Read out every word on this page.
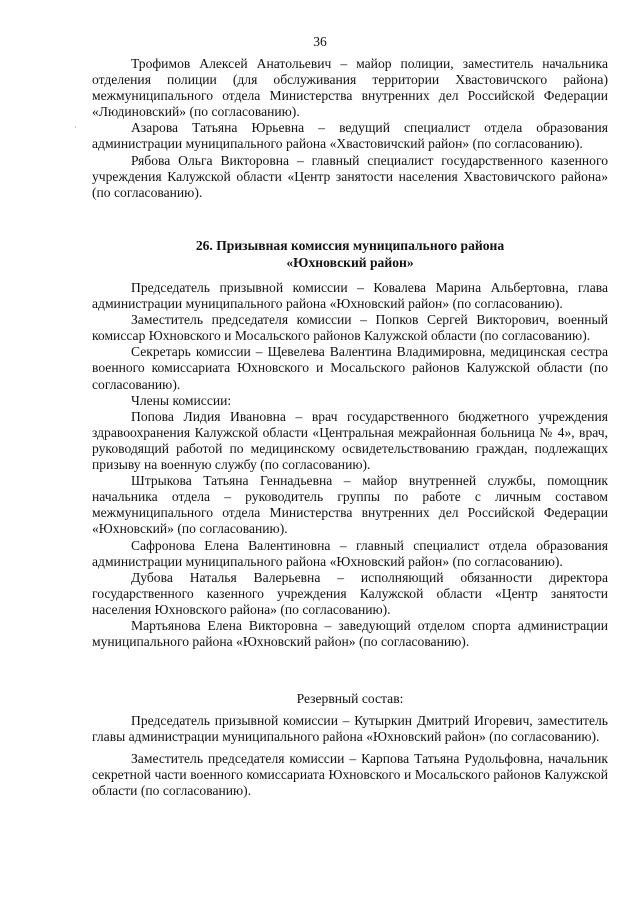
36
·

Трофимов Алексей Анатольевич – майор полиции, заместитель начальника отделения полиции (для обслуживания территории Хвастовичского района) межмуниципального отдела Министерства внутренних дел Российской Федерации «Людиновский» (по согласованию).

Азарова Татьяна Юрьевна – ведущий специалист отдела образования администрации муниципального района «Хвастовичский район» (по согласованию).

Рябова Ольга Викторовна – главный специалист государственного казенного учреждения Калужской области «Центр занятости населения Хвастовичского района» (по согласованию).

26. Призывная комиссия муниципального района

«Юхновский район»

Председатель призывной комиссии – Ковалева Марина Альбертовна, глава администрации муниципального района «Юхновский район» (по согласованию).

Заместитель председателя комиссии – Попков Сергей Викторович, военный комиссар Юхновского и Мосальского районов Калужской области (по согласованию).

Секретарь комиссии – Щевелева Валентина Владимировна, медицинская сестра военного комиссариата Юхновского и Мосальского районов Калужской области (по согласованию).

Члены комиссии:

Попова Лидия Ивановна – врач государственного бюджетного учреждения здравоохранения Калужской области «Центральная межрайонная больница № 4», врач, руководящий работой по медицинскому освидетельствованию граждан, подлежащих призыву на военную службу (по согласованию).

Штрыкова Татьяна Геннадьевна – майор внутренней службы, помощник начальника отдела – руководитель группы по работе с личным составом межмуниципального отдела Министерства внутренних дел Российской Федерации «Юхновский» (по согласованию).

Сафронова Елена Валентиновна – главный специалист отдела образования администрации муниципального района «Юхновский район» (по согласованию).

Дубова Наталья Валерьевна – исполняющий обязанности директора государственного казенного учреждения Калужской области «Центр занятости населения Юхновского района» (по согласованию).

Мартьянова Елена Викторовна – заведующий отделом спорта администрации муниципального района «Юхновский район» (по согласованию).

Резервный состав:

Председатель призывной комиссии – Кутыркин Дмитрий Игоревич, заместитель главы администрации муниципального района «Юхновский район» (по согласованию).

Заместитель председателя комиссии – Карпова Татьяна Рудольфовна, начальник секретной части военного комиссариата Юхновского и Мосальского районов Калужской области (по согласованию).
